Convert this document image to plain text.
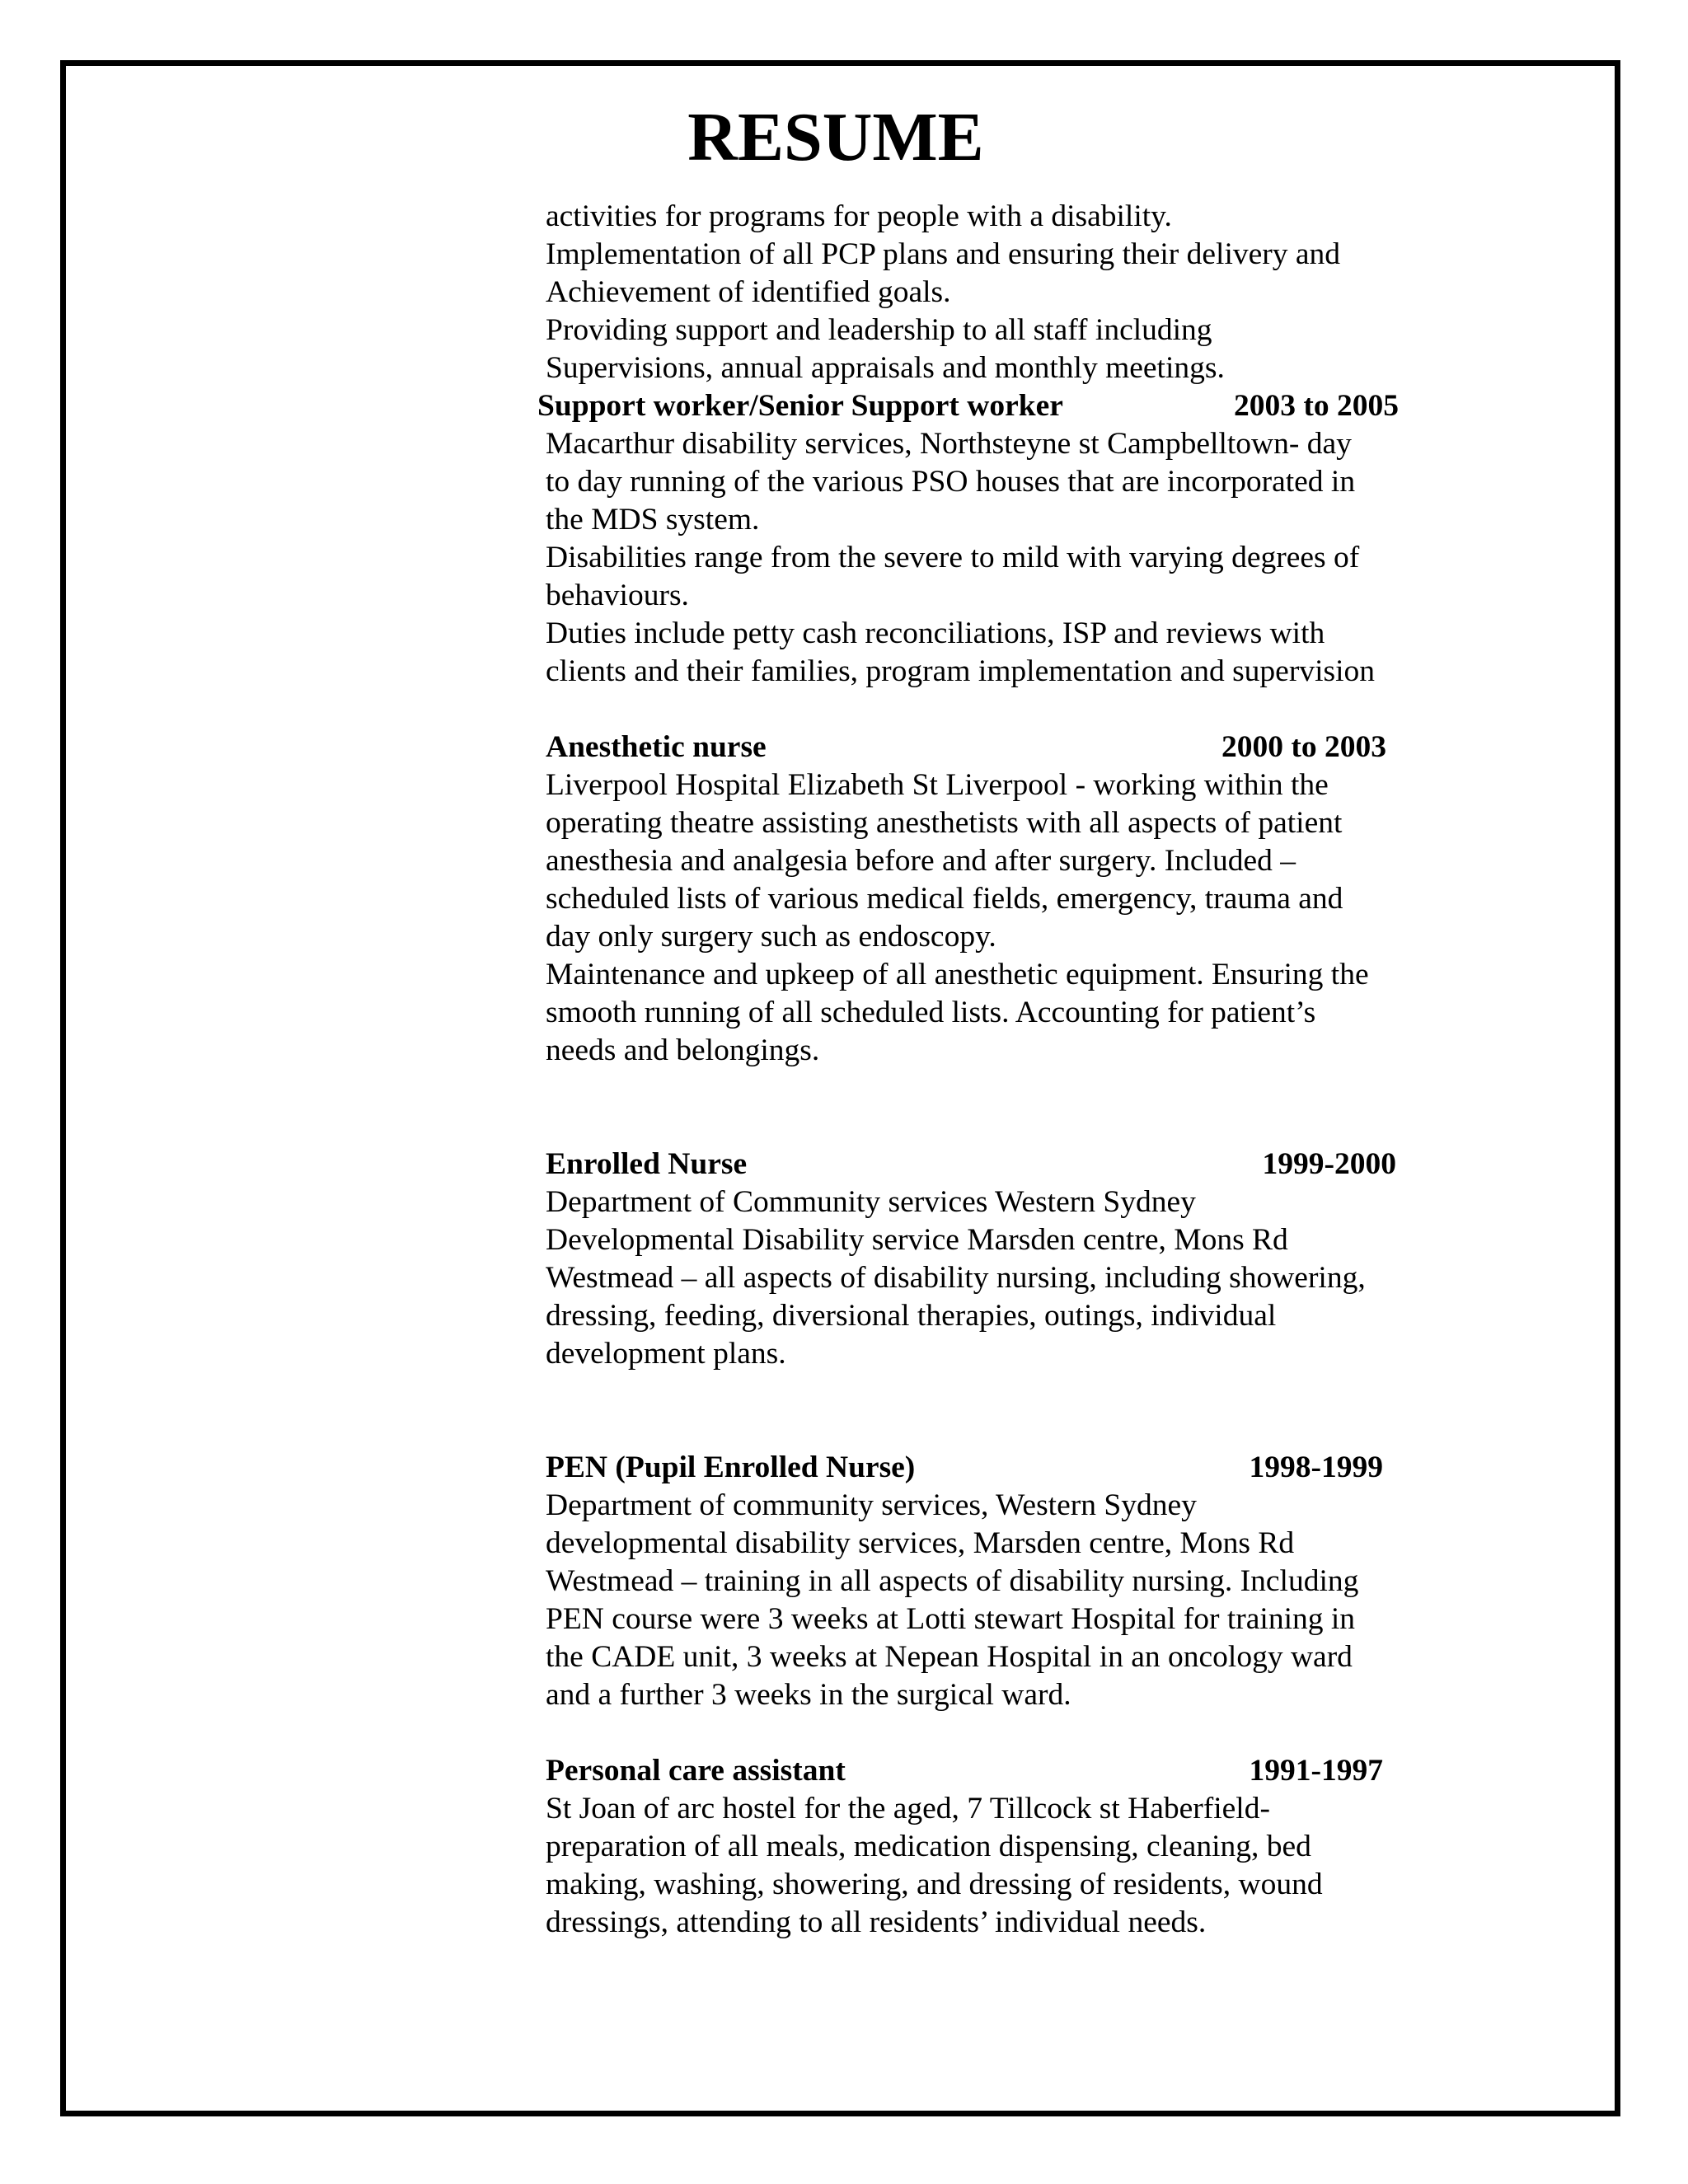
RESUME
activities for programs for people with a disability.
Implementation of all PCP plans and ensuring their delivery and
Achievement of identified goals.
Providing support and leadership to all staff including
Supervisions, annual appraisals and monthly meetings.
Support worker/Senior Support worker	2003 to 2005
Macarthur disability services, Northsteyne st Campbelltown- day
to day running of the various PSO houses that are incorporated in
the MDS system.
Disabilities range from the severe to mild with varying degrees of
behaviours.
Duties include petty cash reconciliations, ISP and reviews with
clients and their families, program implementation and supervision
Anesthetic nurse	2000 to 2003
Liverpool Hospital Elizabeth St Liverpool - working within the
operating theatre assisting anesthetists with all aspects of patient
anesthesia and analgesia before and after surgery. Included –
scheduled lists of various medical fields, emergency, trauma and
day only surgery such as endoscopy.
Maintenance and upkeep of all anesthetic equipment. Ensuring the
smooth running of all scheduled lists. Accounting for patient’s
needs and belongings.
Enrolled Nurse	1999-2000
Department of Community services Western Sydney
Developmental Disability service Marsden centre, Mons Rd
Westmead – all aspects of disability nursing, including showering,
dressing, feeding, diversional therapies, outings, individual
development plans.
PEN (Pupil Enrolled Nurse)	1998-1999
Department of community services, Western Sydney
developmental disability services, Marsden centre, Mons Rd
Westmead – training in all aspects of disability nursing. Including
PEN course were 3 weeks at Lotti stewart Hospital for training in
the CADE unit, 3 weeks at Nepean Hospital in an oncology ward
and a further 3 weeks in the surgical ward.
Personal care assistant	1991-1997
St Joan of arc hostel for the aged, 7 Tillcock st Haberfield-
preparation of all meals, medication dispensing, cleaning, bed
making, washing, showering, and dressing of residents, wound
dressings, attending to all residents’ individual needs.
